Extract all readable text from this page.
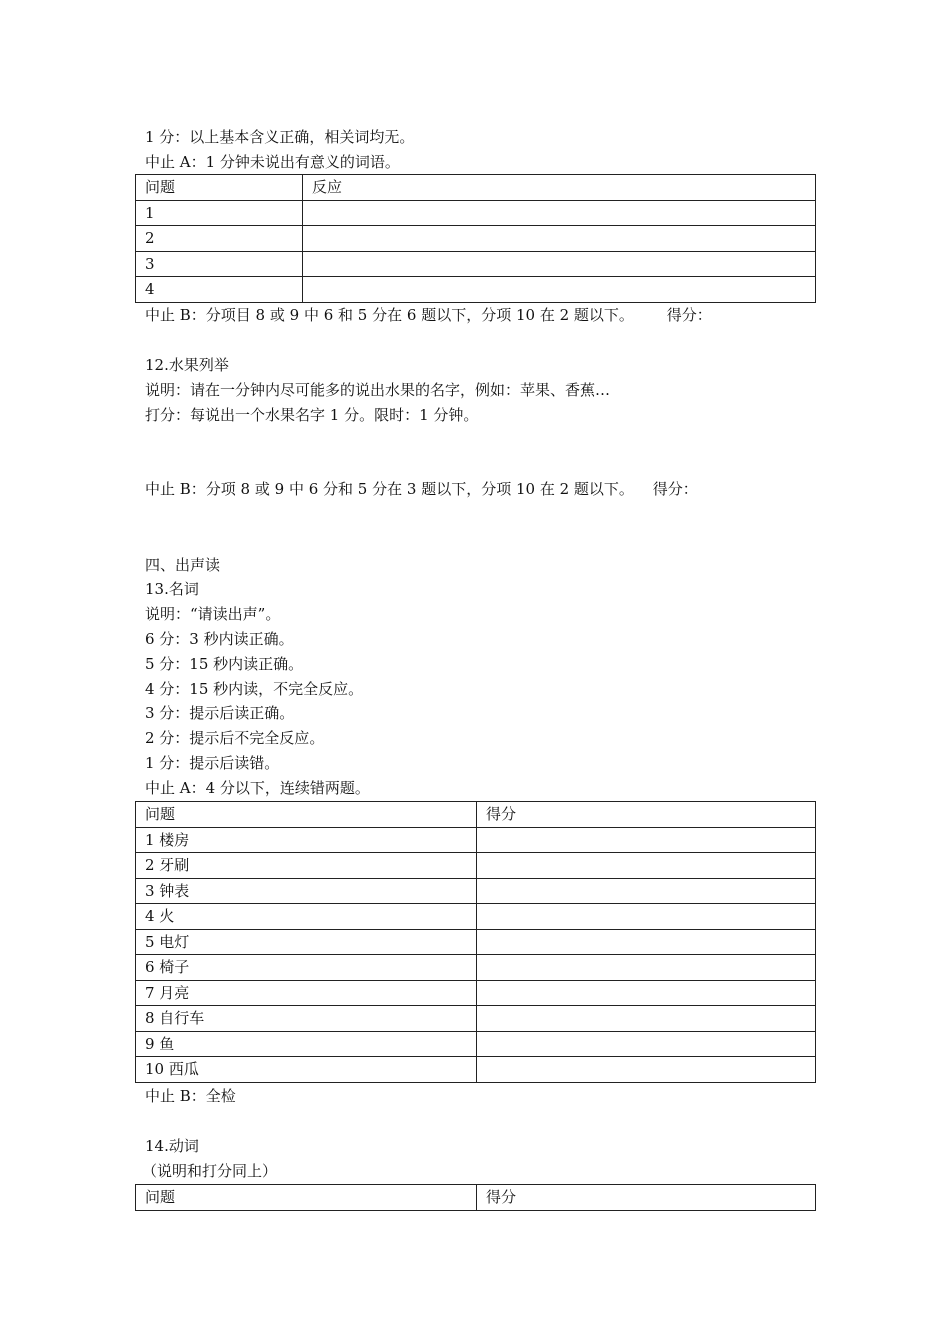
1 分：以上基本含义正确，相关词均无。
中止 A：1 分钟未说出有意义的词语。
问题	反应
1	
2	
3	
4	
中止 B：分项目 8 或 9 中 6 和 5 分在 6 题以下，分项 10 在 2 题以下。 得分：
12.水果列举
说明：请在一分钟内尽可能多的说出水果的名字，例如：苹果、香蕉…
打分：每说出一个水果名字 1 分。限时：1 分钟。
中止 B：分项 8 或 9 中 6 分和 5 分在 3 题以下，分项 10 在 2 题以下。 得分：
四、出声读
13.名词
说明：“请读出声”。
6 分：3 秒内读正确。
5 分：15 秒内读正确。
4 分：15 秒内读，不完全反应。
3 分：提示后读正确。
2 分：提示后不完全反应。
1 分：提示后读错。
中止 A：4 分以下，连续错两题。
问题	得分
1 楼房	
2 牙刷	
3 钟表	
4 火	
5 电灯	
6 椅子	
7 月亮	
8 自行车	
9 鱼	
10 西瓜	
中止 B：全检
14.动词
（说明和打分同上）
问题	得分
